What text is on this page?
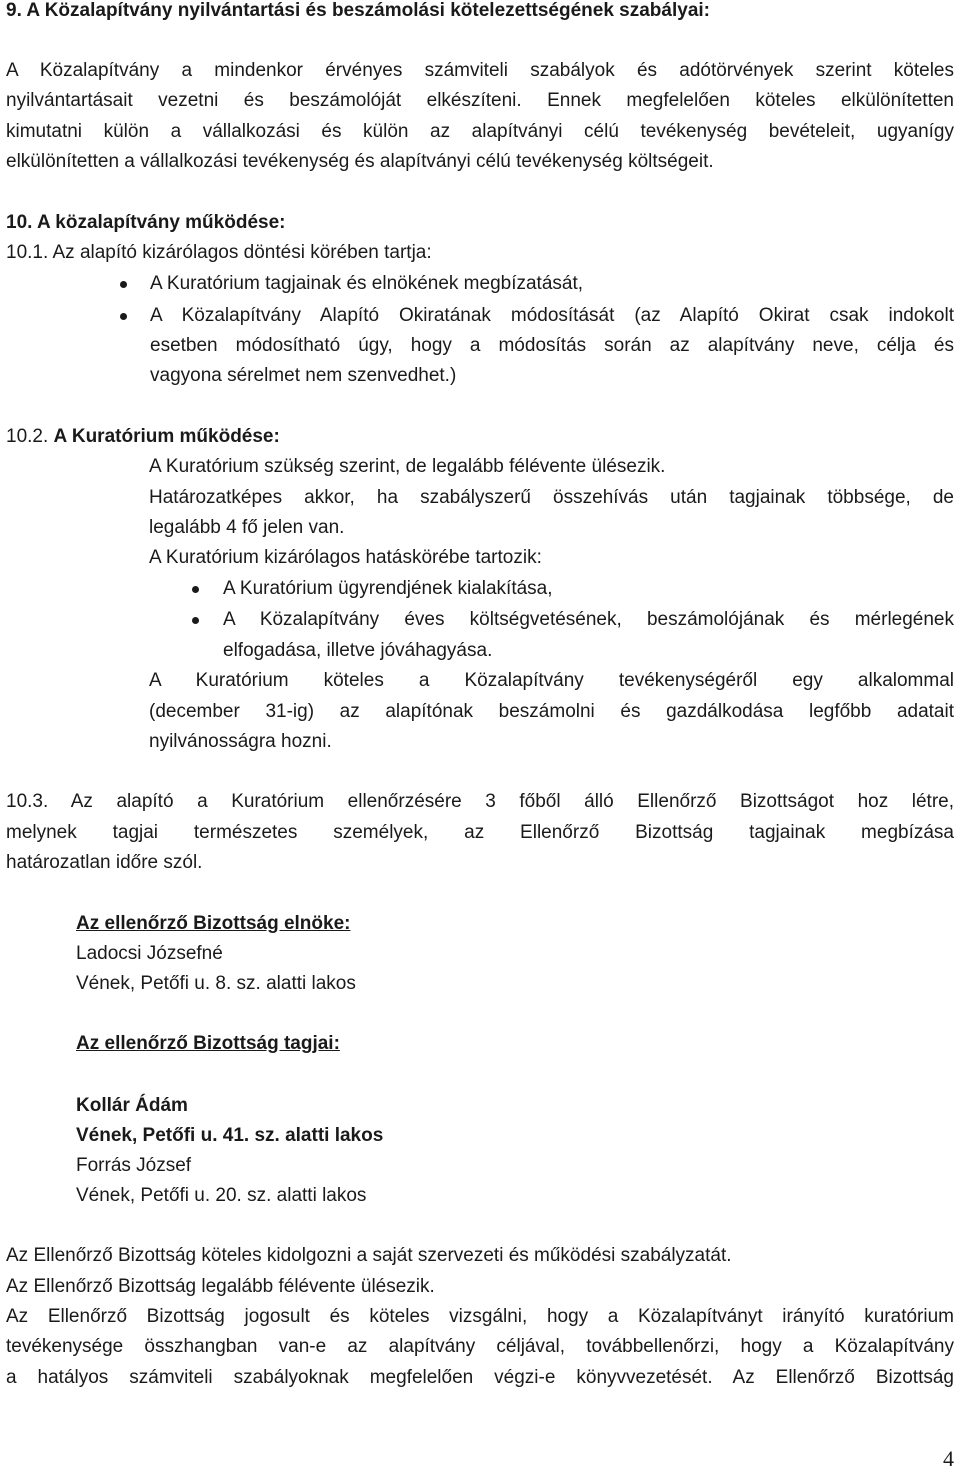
9. A Közalapítvány nyilvántartási és beszámolási kötelezettségének szabályai:
A Közalapítvány a mindenkor érvényes számviteli szabályok és adótörvények szerint köteles
nyilvántartásait vezetni és beszámolóját elkészíteni. Ennek megfelelően köteles elkülönítetten
kimutatni külön a vállalkozási és külön az alapítványi célú tevékenység bevételeit, ugyanígy
elkülönítetten a vállalkozási tevékenység és alapítványi célú tevékenység költségeit.
10. A közalapítvány működése:
10.1. Az alapító kizárólagos döntési körében tartja:
A Kuratórium tagjainak és elnökének megbízatását,
A Közalapítvány Alapító Okiratának módosítását (az Alapító Okirat csak indokolt
esetben módosítható úgy, hogy a módosítás során az alapítvány neve, célja és
vagyona sérelmet nem szenvedhet.)
10.2. A Kuratórium működése:
A Kuratórium szükség szerint, de legalább félévente ülésezik.
Határozatképes akkor, ha szabályszerű összehívás után tagjainak többsége, de
legalább 4 fő jelen van.
A Kuratórium kizárólagos hatáskörébe tartozik:
A Kuratórium ügyrendjének kialakítása,
A Közalapítvány éves költségvetésének, beszámolójának és mérlegének
elfogadása, illetve jóváhagyása.
A Kuratórium köteles a Közalapítvány tevékenységéről egy alkalommal
(december 31-ig) az alapítónak beszámolni és gazdálkodása legfőbb adatait
nyilvánosságra hozni.
10.3. Az alapító a Kuratórium ellenőrzésére 3 főből álló Ellenőrző Bizottságot hoz létre,
melynek tagjai természetes személyek, az Ellenőrző Bizottság tagjainak megbízása
határozatlan időre szól.
Az ellenőrző Bizottság elnöke:
Ladocsi Józsefné
Vének, Petőfi u. 8. sz. alatti lakos
Az ellenőrző Bizottság tagjai:
Kollár Ádám
Vének, Petőfi u. 41. sz. alatti lakos
Forrás József
Vének, Petőfi u. 20. sz. alatti lakos
Az Ellenőrző Bizottság köteles kidolgozni a saját szervezeti és működési szabályzatát.
Az Ellenőrző Bizottság legalább félévente ülésezik.
Az Ellenőrző Bizottság jogosult és köteles vizsgálni, hogy a Közalapítványt irányító kuratórium
tevékenysége összhangban van-e az alapítvány céljával, továbbellenőrzi, hogy a Közalapítvány
a hatályos számviteli szabályoknak megfelelően végzi-e könyvvezetését. Az Ellenőrző Bizottság
4
